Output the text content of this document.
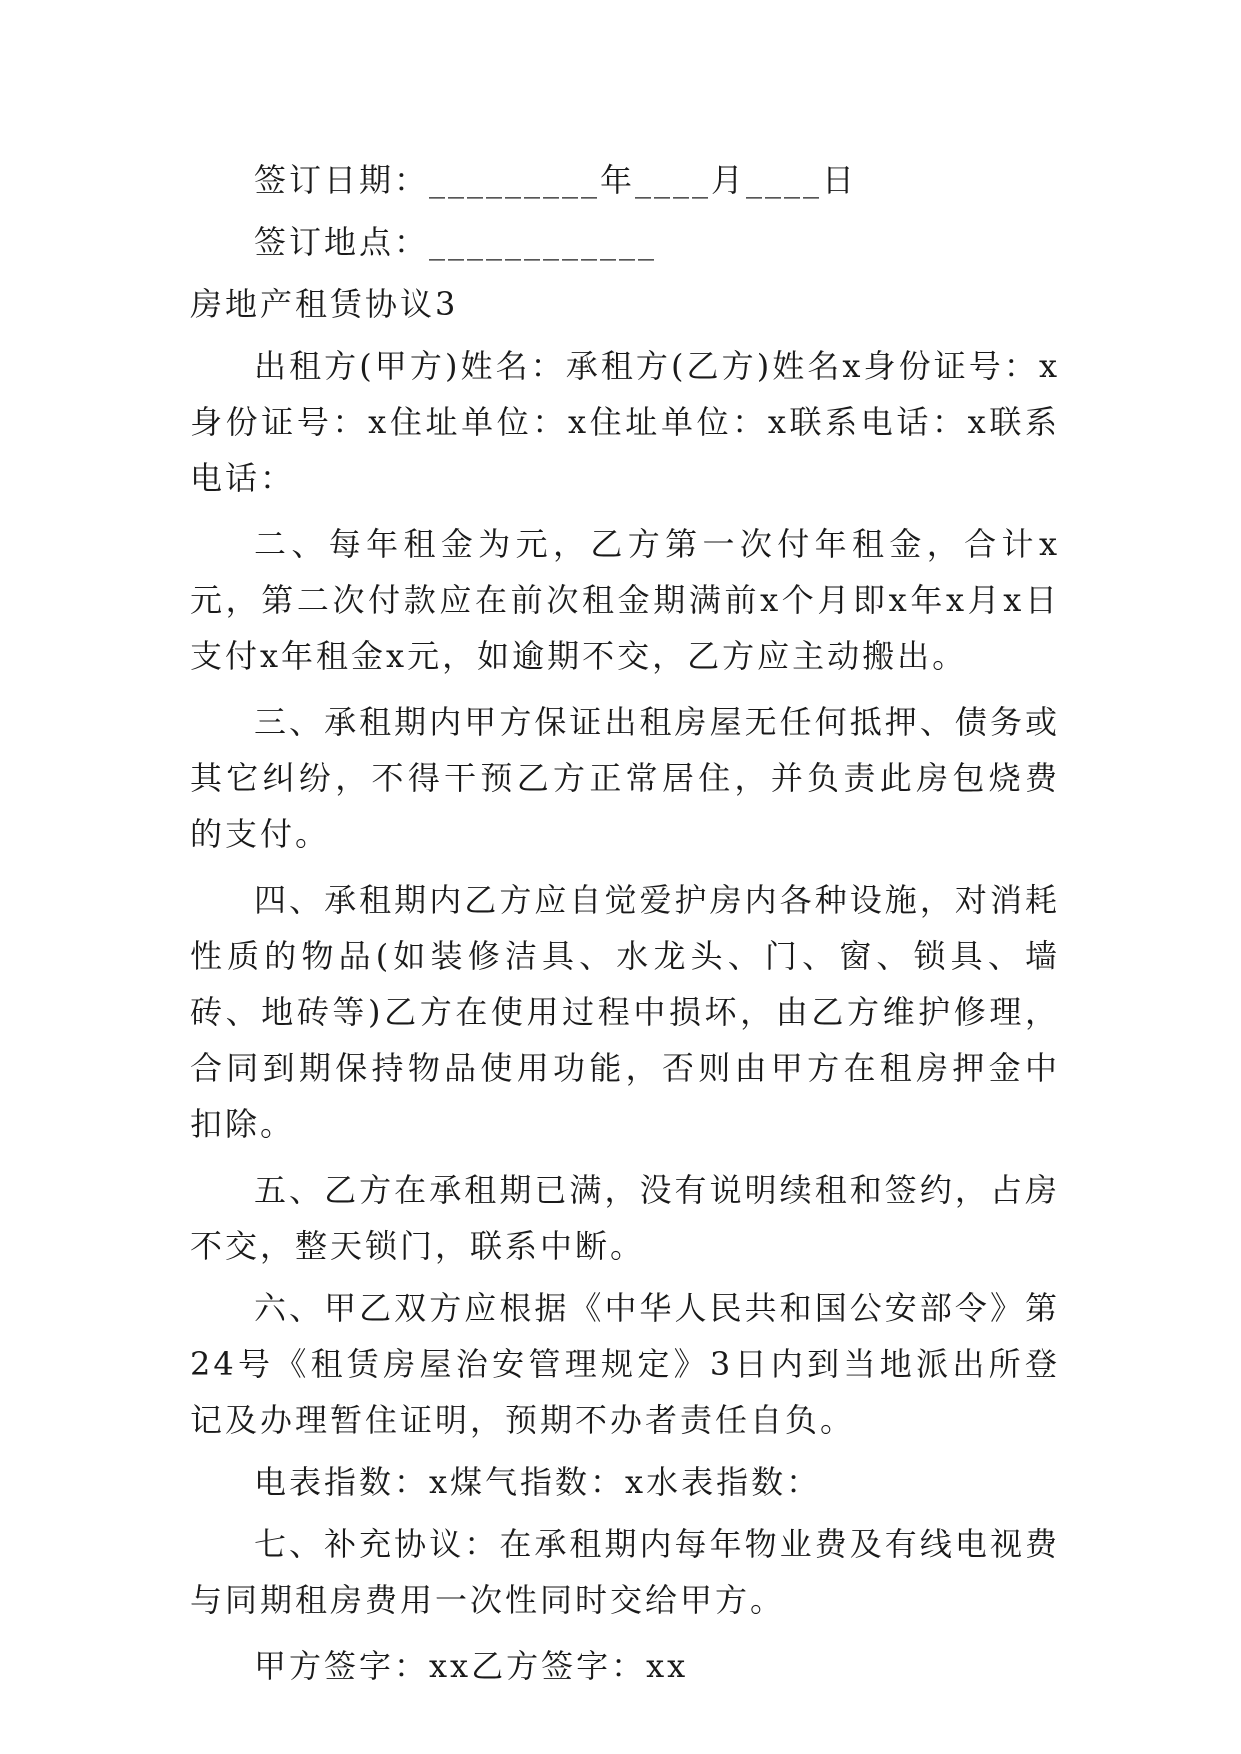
签订日期：_________年____月____日

签订地点：____________

房地产租赁协议3

出租方(甲方)姓名：承租方(乙方)姓名x身份证号：x身份证号：x住址单位：x住址单位：x联系电话：x联系电话：

二、每年租金为元，乙方第一次付年租金，合计x元，第二次付款应在前次租金期满前x个月即x年x月x日支付x年租金x元，如逾期不交，乙方应主动搬出。

三、承租期内甲方保证出租房屋无任何抵押、债务或其它纠纷，不得干预乙方正常居住，并负责此房包烧费的支付。

四、承租期内乙方应自觉爱护房内各种设施，对消耗性质的物品(如装修洁具、水龙头、门、窗、锁具、墙砖、地砖等)乙方在使用过程中损坏，由乙方维护修理，合同到期保持物品使用功能，否则由甲方在租房押金中扣除。

五、乙方在承租期已满，没有说明续租和签约，占房不交，整天锁门，联系中断。

六、甲乙双方应根据《中华人民共和国公安部令》第24号《租赁房屋治安管理规定》3日内到当地派出所登记及办理暂住证明，预期不办者责任自负。

电表指数：x煤气指数：x水表指数：

七、补充协议：在承租期内每年物业费及有线电视费与同期租房费用一次性同时交给甲方。

甲方签字：xx乙方签字：xx
